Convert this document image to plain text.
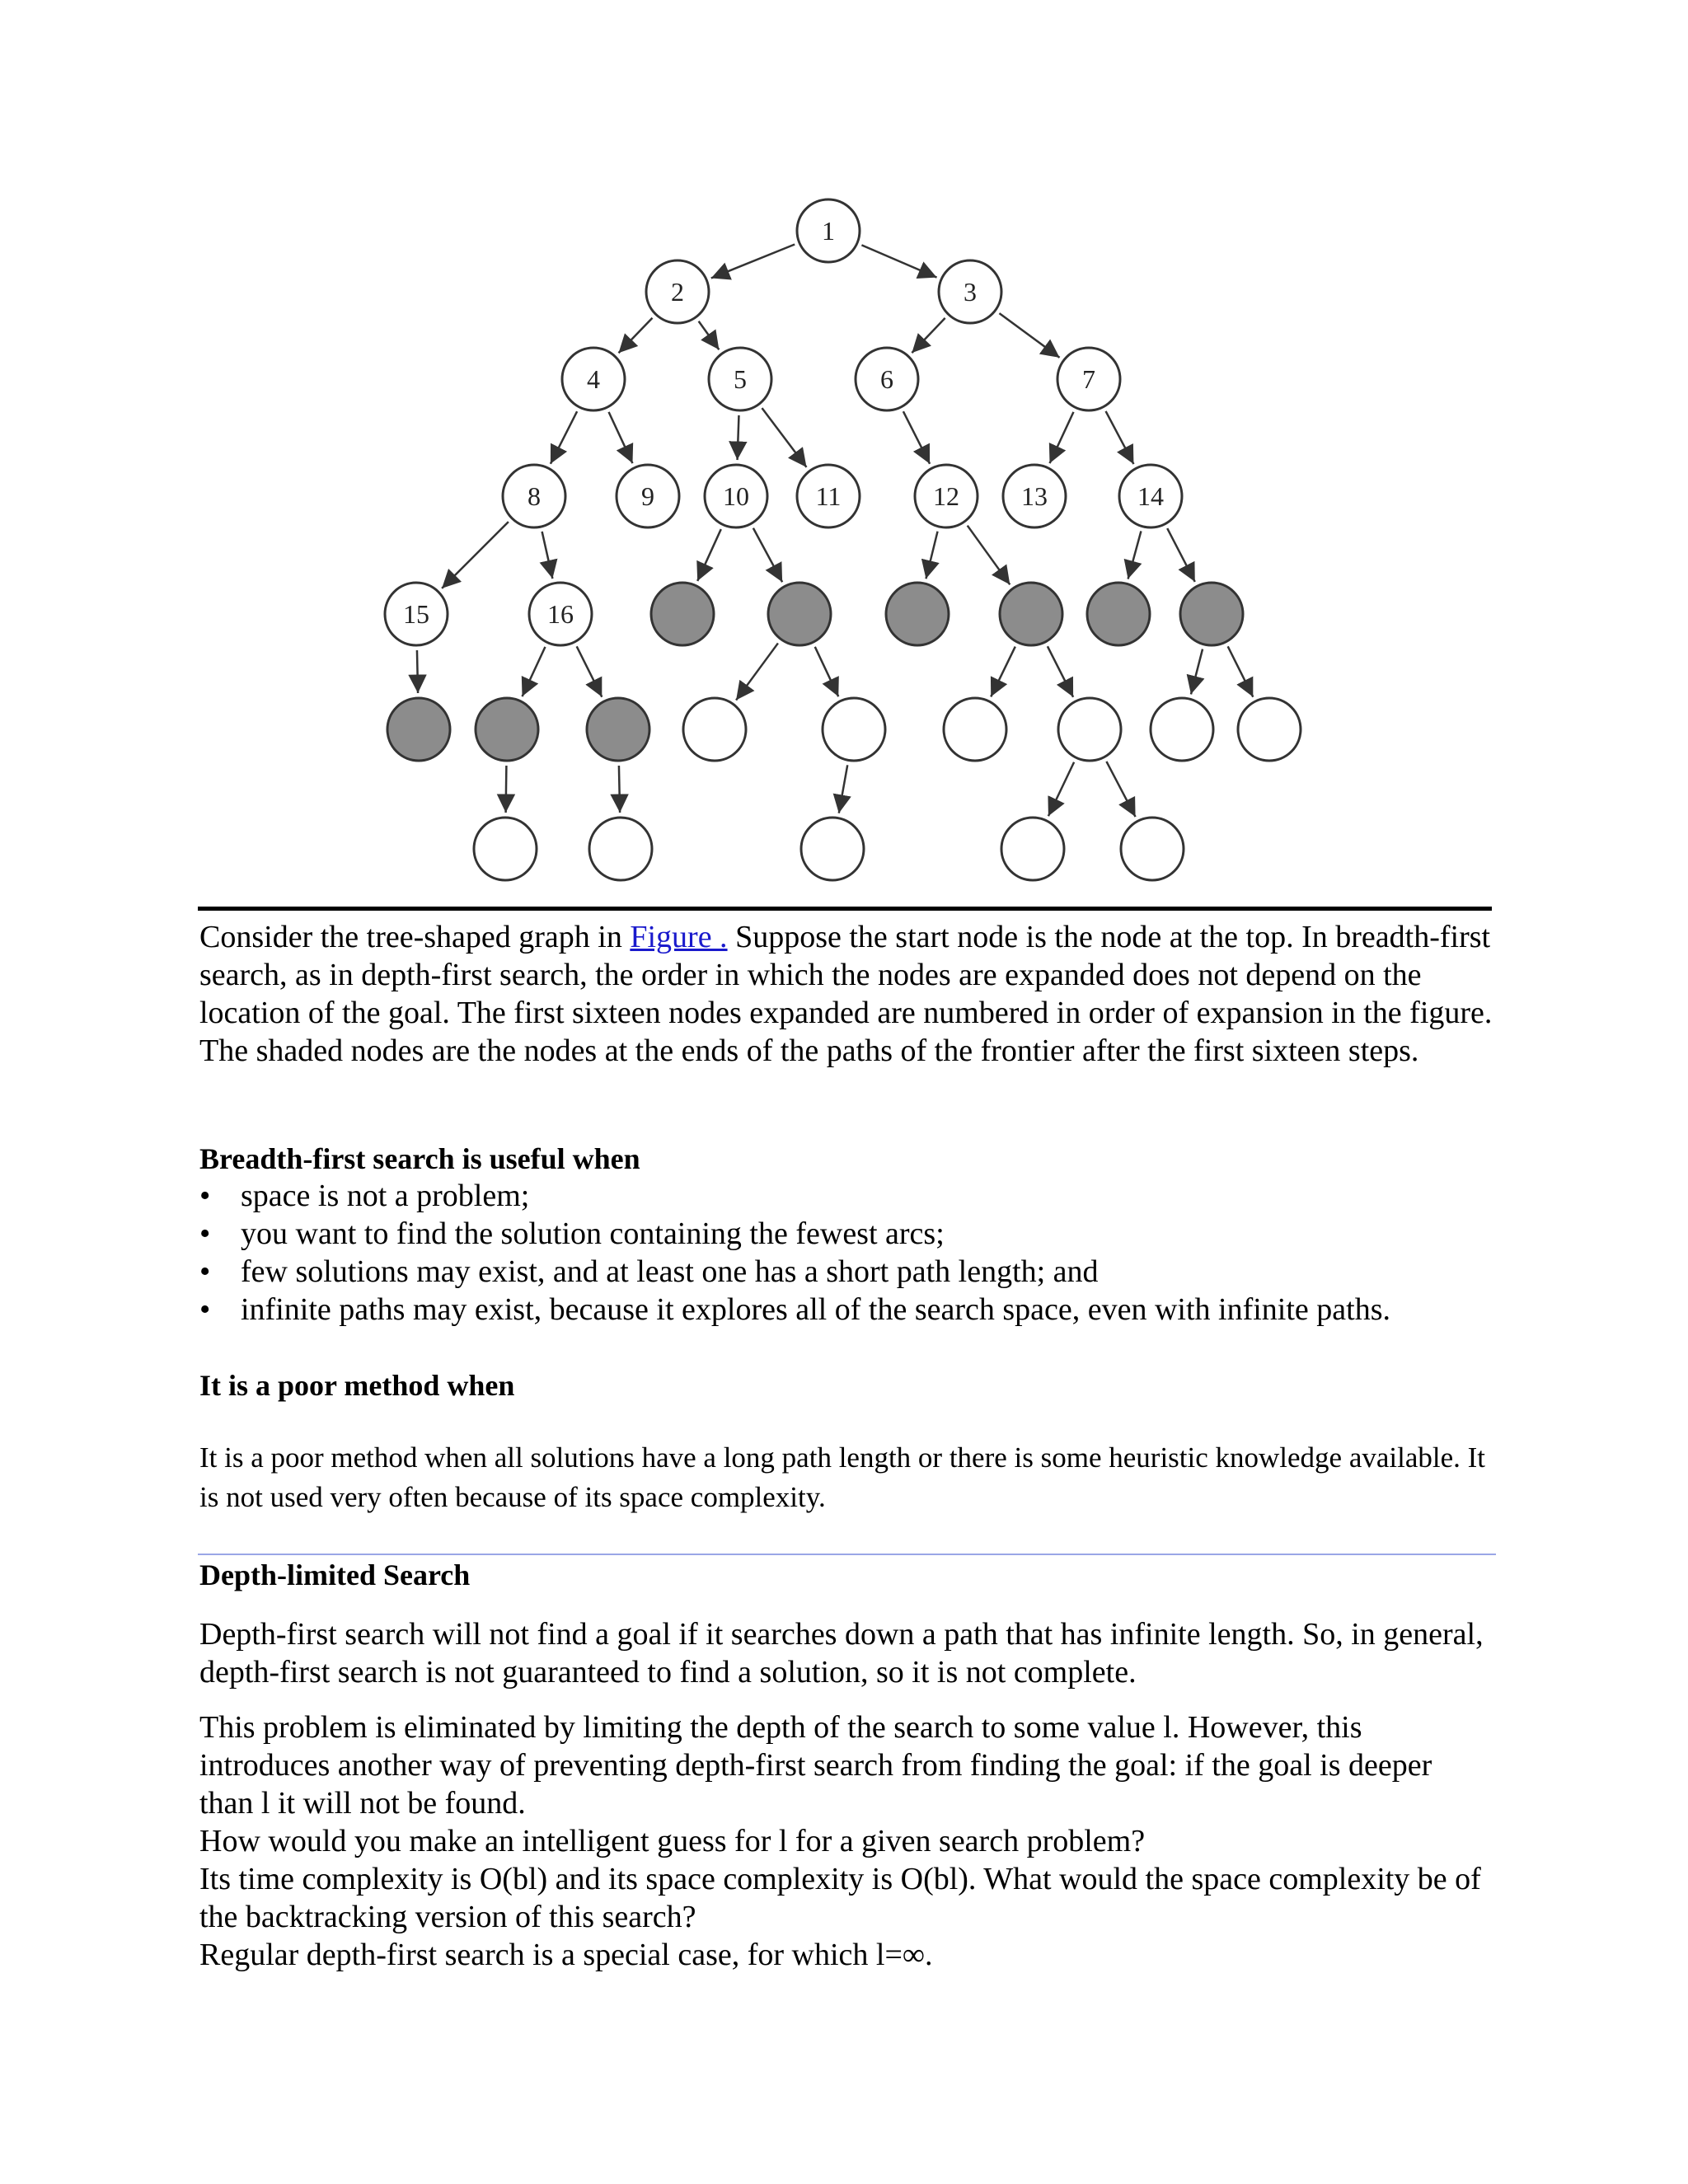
1
2	3
4	5	6	7
8	9	10	11	12 13	14
15	16
Consider the tree-shaped graph in Figure . Suppose the start node is the node at the top. In breadth-first search, as in depth-first search, the order in which the nodes are expanded does not depend on the location of the goal. The first sixteen nodes expanded are numbered in order of expansion in the figure. The shaded nodes are the nodes at the ends of the paths of the frontier after the first sixteen steps.
Breadth-first search is useful when
• space is not a problem;
• you want to find the solution containing the fewest arcs;
• few solutions may exist, and at least one has a short path length; and
• infinite paths may exist, because it explores all of the search space, even with infinite paths.
It is a poor method when
It is a poor method when all solutions have a long path length or there is some heuristic knowledge available. It is not used very often because of its space complexity.
Depth-limited Search
Depth-first search will not find a goal if it searches down a path that has infinite length. So, in general, depth-first search is not guaranteed to find a solution, so it is not complete.
This problem is eliminated by limiting the depth of the search to some value l. However, this introduces another way of preventing depth-first search from finding the goal: if the goal is deeper than l it will not be found.
How would you make an intelligent guess for l for a given search problem?
Its time complexity is O(bl) and its space complexity is O(bl). What would the space complexity be of the backtracking version of this search?
Regular depth-first search is a special case, for which l=∞.
